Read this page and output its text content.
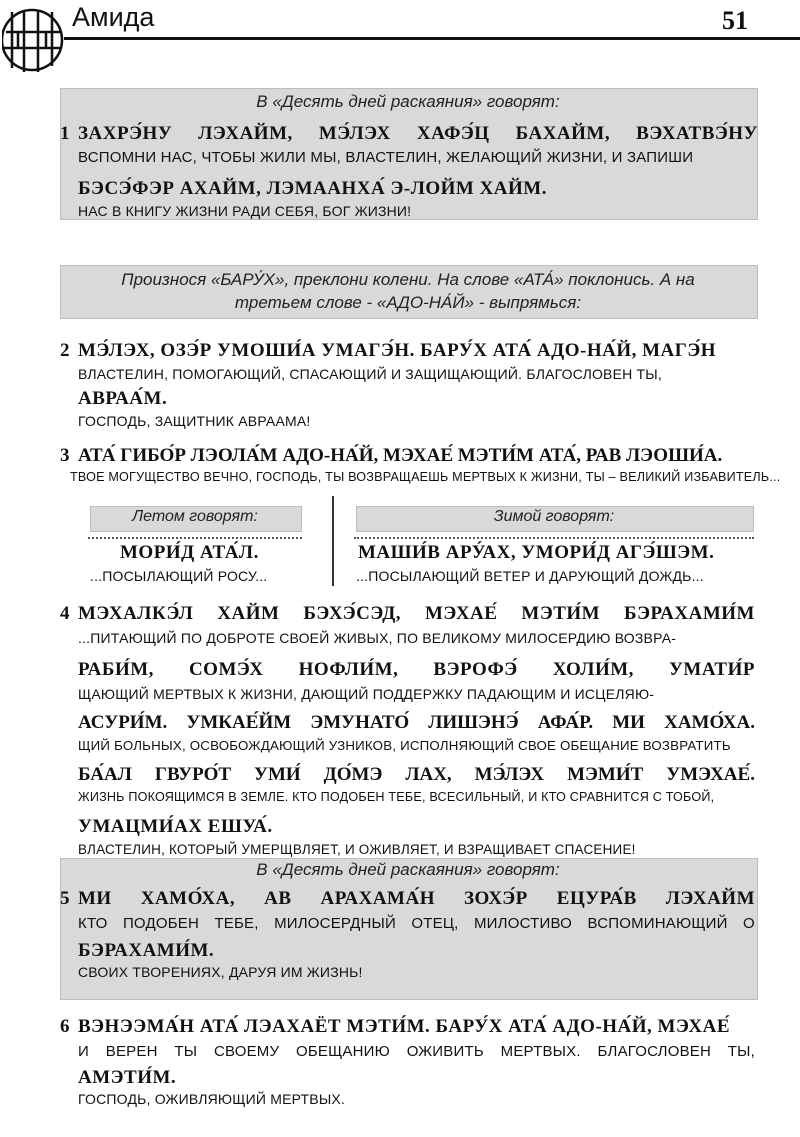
Амида	51
В «Десять дней раскаяния» говорят:
1 ЗАХРЭ́НУ ЛЭХАЙМ, МЭ́ЛЭХ ХАФЭ́Ц БАХАЙМ, ВЭХАТВЭ́НУ
ВСПОМНИ НАС, ЧТОБЫ ЖИЛИ МЫ, ВЛАСТЕЛИН, ЖЕЛАЮЩИЙ ЖИЗНИ, И ЗАПИШИ
БЭСЭ́ФЭР АХАЙМ, ЛЭМААНХА́ Э-ЛОЙМ ХАЙМ.
НАС В КНИГУ ЖИЗНИ РАДИ СЕБЯ, БОГ ЖИЗНИ!
Произнося «БАРУ́Х», преклони колени. На слове «АТА́» поклонись. А на
третьем слове - «АДО-НА́Й» - выпрямься:
2 МЭ́ЛЭХ, ОЗЭ́Р УМОШИ́А УМАГЭ́Н. БАРУ́Х АТА́ АДО-НА́Й, МАГЭ́Н
ВЛАСТЕЛИН, ПОМОГАЮЩИЙ, СПАСАЮЩИЙ И ЗАЩИЩАЮЩИЙ. БЛАГОСЛОВЕН ТЫ,
АВРАА́М.
ГОСПОДЬ, ЗАЩИТНИК АВРААМА!
3 АТА́ ГИБО́Р ЛЭОЛА́М АДО-НА́Й, МЭХАЕ́ МЭТИ́М АТА́, РАВ ЛЭОШИ́А.
ТВОЕ МОГУЩЕСТВО ВЕЧНО, ГОСПОДЬ, ТЫ ВОЗВРАЩАЕШЬ МЕРТВЫХ К ЖИЗНИ, ТЫ – ВЕЛИКИЙ ИЗБАВИТЕЛЬ...
Летом говорят:
МОРИ́Д АТА́Л.
...ПОСЫЛАЮЩИЙ РОСУ...
Зимой говорят:
МАШИ́В АРУ́АХ, УМОРИ́Д АГЭ́ШЭМ.
...ПОСЫЛАЮЩИЙ ВЕТЕР И ДАРУЮЩИЙ ДОЖДЬ...
4 МЭХАЛКЭ́Л ХАЙМ БЭХЭ́СЭД, МЭХАЕ́ МЭТИ́М БЭРАХАМИ́М
...ПИТАЮЩИЙ ПО ДОБРОТЕ СВОЕЙ ЖИВЫХ, ПО ВЕЛИКОМУ МИЛОСЕРДИЮ ВОЗВРА-
РАБИ́М, СОМЭ́Х НОФЛИ́М, ВЭРОФЭ́ ХОЛИ́М, УМАТИ́Р
ЩАЮЩИЙ МЕРТВЫХ К ЖИЗНИ, ДАЮЩИЙ ПОДДЕРЖКУ ПАДАЮЩИМ И ИСЦЕЛЯЮ-
АСУРИ́М. УМКАЕ́ЙМ ЭМУНАТО́ ЛИШЭНЭ́ АФА́Р. МИ ХАМО́ХА.
ЩИЙ БОЛЬНЫХ, ОСВОБОЖДАЮЩИЙ УЗНИКОВ, ИСПОЛНЯЮЩИЙ СВОЕ ОБЕЩАНИЕ ВОЗВРАТИТЬ
БА́АЛ ГВУРО́Т УМИ́ ДО́МЭ ЛАХ, МЭ́ЛЭХ МЭМИ́Т УМЭХАЕ́.
ЖИЗНЬ ПОКОЯЩИМСЯ В ЗЕМЛЕ. КТО ПОДОБЕН ТЕБЕ, ВСЕСИЛЬНЫЙ, И КТО СРАВНИТСЯ С ТОБОЙ,
УМАЦМИ́АХ ЕШУА́.
ВЛАСТЕЛИН, КОТОРЫЙ УМЕРЩВЛЯЕТ, И ОЖИВЛЯЕТ, И ВЗРАЩИВАЕТ СПАСЕНИЕ!
В «Десять дней раскаяния» говорят:
5 МИ ХАМО́ХА, АВ АРАХАМА́Н ЗОХЭ́Р ЕЦУРА́В ЛЭХАЙМ
КТО ПОДОБЕН ТЕБЕ, МИЛОСЕРДНЫЙ ОТЕЦ, МИЛОСТИВО ВСПОМИНАЮЩИЙ О
БЭРАХАМИ́М.
СВОИХ ТВОРЕНИЯХ, ДАРУЯ ИМ ЖИЗНЬ!
6 ВЭНЭЭМА́Н АТА́ ЛЭАХАЁТ МЭТИ́М. БАРУ́Х АТА́ АДО-НА́Й, МЭХАЕ́
И ВЕРЕН ТЫ СВОЕМУ ОБЕЩАНИЮ ОЖИВИТЬ МЕРТВЫХ. БЛАГОСЛОВЕН ТЫ,
АМЭТИ́М.
ГОСПОДЬ, ОЖИВЛЯЮЩИЙ МЕРТВЫХ.
